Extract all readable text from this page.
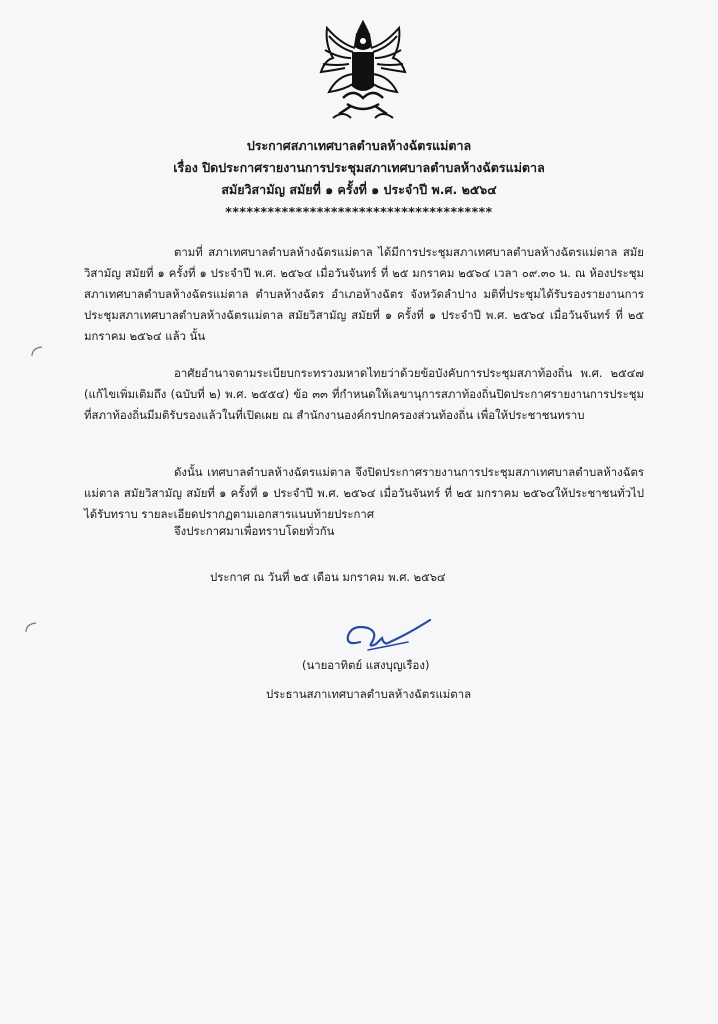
ประกาศสภาเทศบาลตำบลห้างฉัตรแม่ตาล
เรื่อง ปิดประกาศรายงานการประชุมสภาเทศบาลตำบลห้างฉัตรแม่ตาล
สมัยวิสามัญ สมัยที่ ๑ ครั้งที่ ๑ ประจำปี พ.ศ. ๒๕๖๔
**************************************
ตามที่ สภาเทศบาลตำบลห้างฉัตรแม่ตาล ได้มีการประชุมสภาเทศบาลตำบลห้างฉัตรแม่ตาล สมัยวิสามัญ สมัยที่ ๑ ครั้งที่ ๑ ประจำปี พ.ศ. ๒๕๖๔ เมื่อวันจันทร์ ที่ ๒๕ มกราคม ๒๕๖๔ เวลา ๐๙.๓๐ น. ณ ห้องประชุมสภาเทศบาลตำบลห้างฉัตรแม่ตาล ตำบลห้างฉัตร อำเภอห้างฉัตร จังหวัดลำปาง มติที่ประชุมได้รับรองรายงานการประชุมสภาเทศบาลตำบลห้างฉัตรแม่ตาล สมัยวิสามัญ สมัยที่ ๑ ครั้งที่ ๑ ประจำปี พ.ศ. ๒๕๖๔ เมื่อวันจันทร์ ที่ ๒๕ มกราคม ๒๕๖๔ แล้ว นั้น
อาศัยอำนาจตามระเบียบกระทรวงมหาดไทยว่าด้วยข้อบังคับการประชุมสภาท้องถิ่น พ.ศ. ๒๕๔๗ (แก้ไขเพิ่มเติมถึง (ฉบับที่ ๒) พ.ศ. ๒๕๕๔) ข้อ ๓๓ ที่กำหนดให้เลขานุการสภาท้องถิ่นปิดประกาศรายงานการประชุมที่สภาท้องถิ่นมีมติรับรองแล้วในที่เปิดเผย ณ สำนักงานองค์กรปกครองส่วนท้องถิ่น เพื่อให้ประชาชนทราบ
ดังนั้น เทศบาลตำบลห้างฉัตรแม่ตาล จึงปิดประกาศรายงานการประชุมสภาเทศบาลตำบลห้างฉัตรแม่ตาล สมัยวิสามัญ สมัยที่ ๑ ครั้งที่ ๑ ประจำปี พ.ศ. ๒๕๖๔ เมื่อวันจันทร์ ที่ ๒๕ มกราคม ๒๕๖๔ให้ประชาชนทั่วไปได้รับทราบ รายละเอียดปรากฏตามเอกสารแนบท้ายประกาศ
จึงประกาศมาเพื่อทราบโดยทั่วกัน
ประกาศ ณ วันที่ ๒๕ เดือน มกราคม พ.ศ. ๒๕๖๔
(นายอาทิตย์ แสงบุญเรือง)
ประธานสภาเทศบาลตำบลห้างฉัตรแม่ตาล
